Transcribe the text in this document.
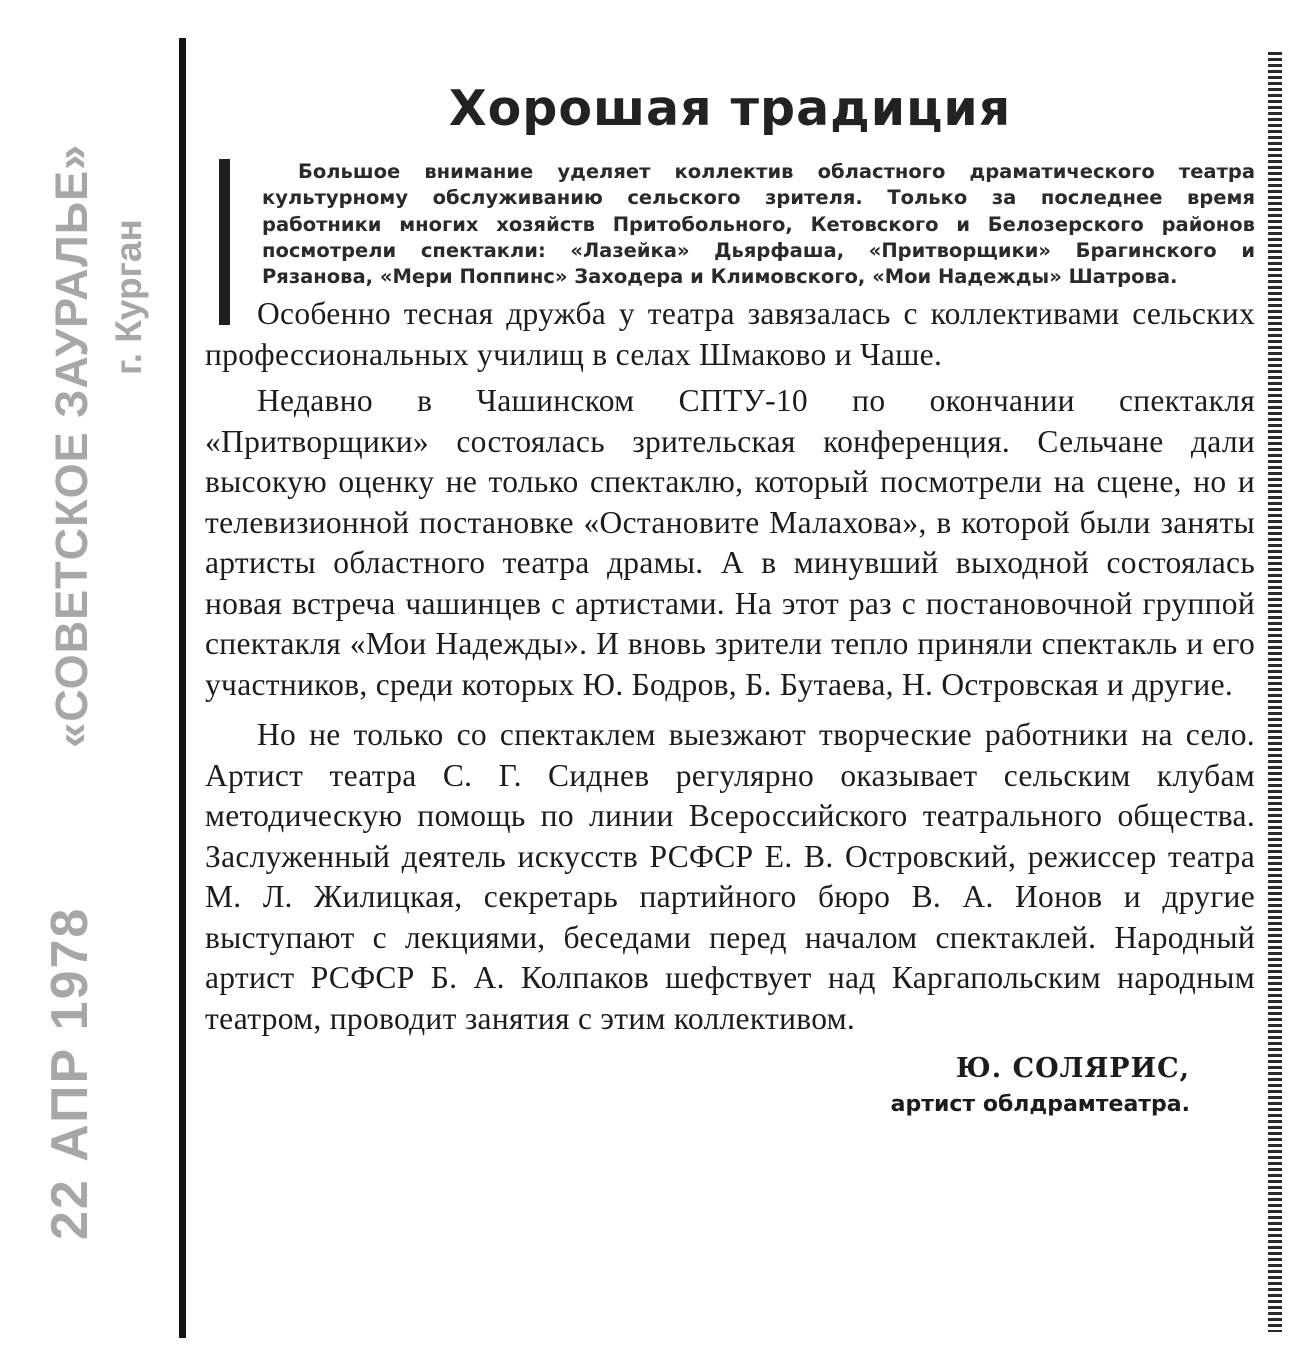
22 АПР 1978  «СОВЕТСКОЕ ЗАУРАЛЬЕ» г. Курган
Хорошая традиция

Большое внимание уделяет коллектив областного драматического театра культурному обслуживанию сельского зрителя. Только за последнее время работники многих хозяйств Притобольного, Кетовского и Белозерского районов посмотрели спектакли: «Лазейка» Дьярфаша, «Притворщики» Брагинского и Рязанова, «Мери Поппинс» Заходера и Климовского, «Мои Надежды» Шатрова.

Особенно тесная дружба у театра завязалась с коллективами сельских профессиональных училищ в селах Шмаково и Чаше.

Недавно в Чашинском СПТУ-10 по окончании спектакля «Притворщики» состоялась зрительская конференция. Сельчане дали высокую оценку не только спектаклю, который посмотрели на сцене, но и телевизионной постановке «Остановите Малахова», в которой были заняты артисты областного театра драмы. А в минувший выходной состоялась новая встреча чашинцев с артистами. На этот раз с постановочной группой спектакля «Мои Надежды». И вновь зрители тепло приняли спектакль и его участников, среди которых Ю. Бодров, Б. Бутаева, Н. Островская и другие.

Но не только со спектаклем выезжают творческие работники на село. Артист театра С. Г. Сиднев регулярно оказывает сельским клубам методическую помощь по линии Всероссийского театрального общества. Заслуженный деятель искусств РСФСР Е. В. Островский, режиссер театра М. Л. Жилицкая, секретарь партийного бюро В. А. Ионов и другие выступают с лекциями, беседами перед началом спектаклей. Народный артист РСФСР Б. А. Колпаков шефствует над Каргапольским народным театром, проводит занятия с этим коллективом.

Ю. СОЛЯРИС,
артист облдрамтеатра.
